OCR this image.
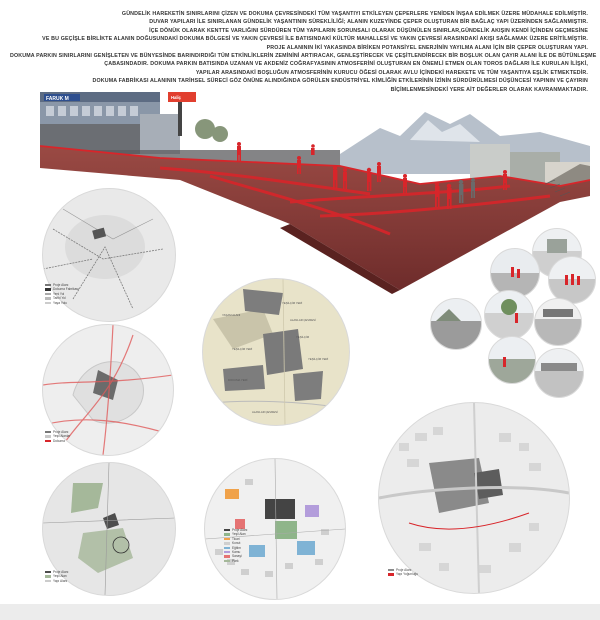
GÜNDELİK HAREKETİN SINIRLARINI ÇİZEN VE DOKUMA ÇEVRESİNDEKİ TÜM YAŞANTIYI ETKİLEYEN ÇEPERLERE YENİDEN İNŞAA EDİLMEK ÜZERE MÜDAHALE EDİLMİŞTİR.

DUVAR YAPILARI İLE SINIRLANAN GÜNDELİK YAŞANTININ SÜREKLİLİĞİ; ALANIN KUZEYİNDE ÇEPER OLUŞTURAN BİR BAĞLAÇ YAPI ÜZERİNDEN SAĞLANMIŞTIR.

İÇE DÖNÜK OLARAK KENTTE VARLIĞINI SÜRDÜREN TÜM YAPILARIN SORUNSALI OLARAK DÜŞÜNÜLEN SINIRLAR,GÜNDELİK AKIŞIN KENDİ İÇİNDEN GEÇMESİNE

VE BU GEÇİŞLE BİRLİKTE ALANIN DOĞUSUNDAKİ DOKUMA BÖLGESİ VE YAKIN ÇEVRESİ İLE BATISINDAKİ KÜLTÜR MAHALLESİ VE YAKIN ÇEVRESİ ARASINDAKİ AKIŞI SAĞLAMAK ÜZERE ERİTİLMİŞTİR.

PROJE ALANININ İKİ YAKASINDA BİRİKEN POTANSİYEL ENERJİNİN YAYILMA ALANI İÇİN BİR ÇEPER OLUŞTURAN YAPI.

DOKUMA PARKIN SINIRLARINI GENİŞLETEN VE BÜNYESİNDE BARINDIRDIĞI TÜM ETKİNLİKLERİN ZEMİNİNİ ARTIRACAK, GENLEŞTİRECEK VE ÇEŞİTLENDİRECEK BİR BOŞLUK OLAN ÇAYIR ALANI İLE DE BÜTÜNLEŞME

ÇABASINDADIR. DOKUMA PARKIN BATISINDA UZANAN VE AKDENİZ COĞRAFYASININ ATMOSFERİNİ OLUŞTURAN EN ÖNEMLİ ETMEN OLAN TOROS DAĞLARI İLE KURULAN İLİŞKİ,

YAPILAR ARASINDAKİ BOŞLUĞUN ATMOSFERİNİN KURUCU ÖĞESİ OLARAK AVLU İÇİNDEKİ HAREKETE VE TÜM YAŞANTIYA EŞLİK ETMEKTEDİR.

DOKUMA FABRİKASI ALANININ TARİHSEL SÜRECİ GÖZ ÖNÜNE ALINDIĞINDA GÖRÜLEN ENDÜSTRİYEL KİMLİĞİN ETKİLERİNİN İZİNİN SÜRDÜRÜLMESİ DÜŞÜNCESİ YAPININ VE ÇAYIRIN

BİÇİMLENMESİNDEKİ YERE AİT DEĞERLER OLARAK KAVRANMAKTADIR.

FARUK M	Haliç
Proje Alanı
Dokuma Fabrikası
Yeni Yol
Tarihi Yol
Yaya Yolu
Proje Alanı
Yeşil Alanlar
Dokuma
Proje Alanı
Yeşil Alan
Yapı Alanı
YAŞAM ALANI
YEŞİLÇİM YERİ
ALANLAR ÇEVRESİ
YEŞİLÇİM
YEŞİLÇİM YERİ
YEŞİLÇİM YERİ
DOKUMA YERİ
ALANLAR ÇEVRESİ
Proje Alanı
Yeşil Alan
Ticari
Konut
Eğitim
Kamu
Sanayi
Park
Proje Alanı
Yapı Yoğunluğu
